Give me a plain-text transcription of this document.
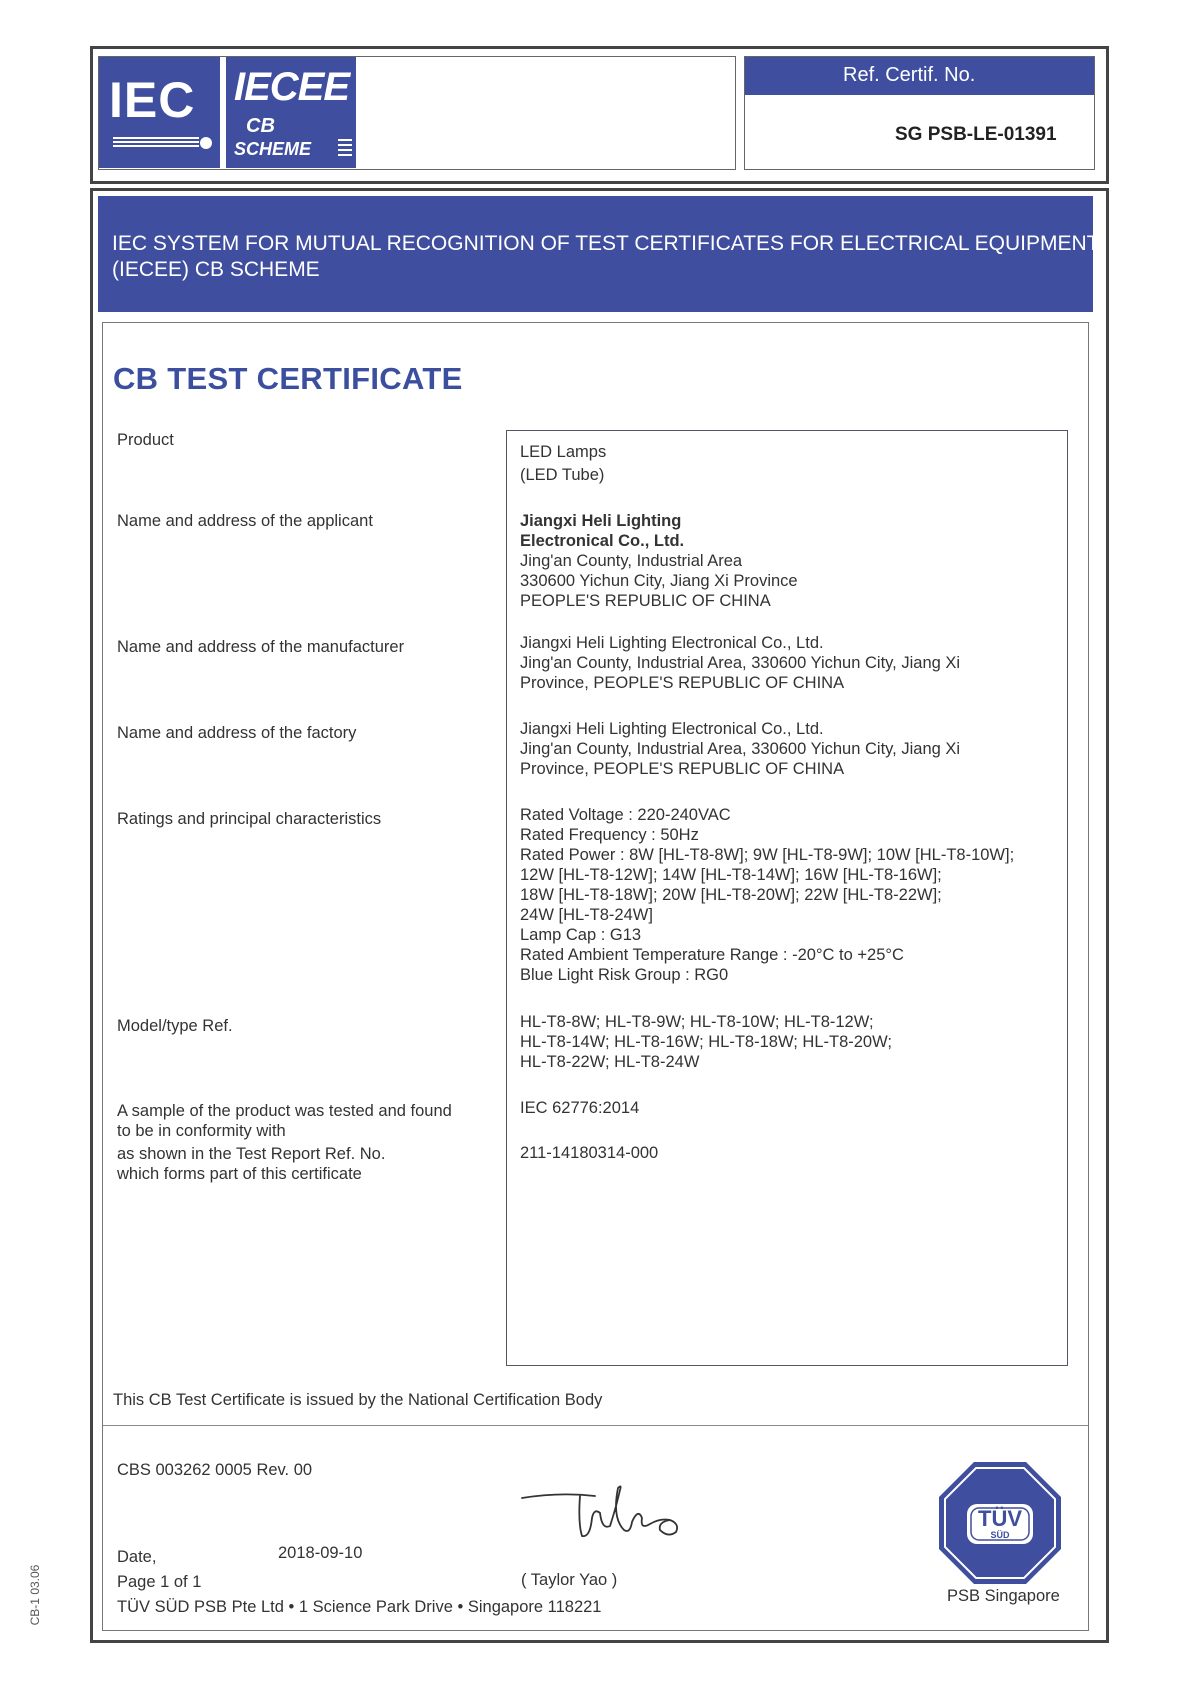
IEC IECEE
CB
SCHEME
Ref. Certif. No.
SG PSB-LE-01391
IEC SYSTEM FOR MUTUAL RECOGNITION OF TEST CERTIFICATES FOR ELECTRICAL EQUIPMENT
(IECEE) CB SCHEME
CB TEST CERTIFICATE
Product
Name and address of the applicant
Name and address of the manufacturer
Name and address of the factory
Ratings and principal characteristics
Model/type Ref.
A sample of the product was tested and found
to be in conformity with
as shown in the Test Report Ref. No.
which forms part of this certificate
LED Lamps
(LED Tube)
Jiangxi Heli Lighting
Electronical Co., Ltd.
Jing'an County, Industrial Area
330600 Yichun City, Jiang Xi Province
PEOPLE'S REPUBLIC OF CHINA
Jiangxi Heli Lighting Electronical Co., Ltd.
Jing'an County, Industrial Area, 330600 Yichun City, Jiang Xi
Province, PEOPLE'S REPUBLIC OF CHINA
Jiangxi Heli Lighting Electronical Co., Ltd.
Jing'an County, Industrial Area, 330600 Yichun City, Jiang Xi
Province, PEOPLE'S REPUBLIC OF CHINA
Rated Voltage : 220-240VAC
Rated Frequency : 50Hz
Rated Power : 8W [HL-T8-8W]; 9W [HL-T8-9W]; 10W [HL-T8-10W];
12W [HL-T8-12W]; 14W [HL-T8-14W]; 16W [HL-T8-16W];
18W [HL-T8-18W]; 20W [HL-T8-20W]; 22W [HL-T8-22W];
24W [HL-T8-24W]
Lamp Cap : G13
Rated Ambient Temperature Range : -20°C to +25°C
Blue Light Risk Group : RG0
HL-T8-8W; HL-T8-9W; HL-T8-10W; HL-T8-12W;
HL-T8-14W; HL-T8-16W; HL-T8-18W; HL-T8-20W;
HL-T8-22W; HL-T8-24W
IEC 62776:2014
211-14180314-000
This CB Test Certificate is issued by the National Certification Body
CBS 003262 0005 Rev. 00
Date,	2018-09-10
Page 1 of 1	( Taylor Yao )
TÜV SÜD PSB Pte Ltd • 1 Science Park Drive • Singapore 118221
TÜV
SÜD
PSB Singapore
CB-1 03.06
